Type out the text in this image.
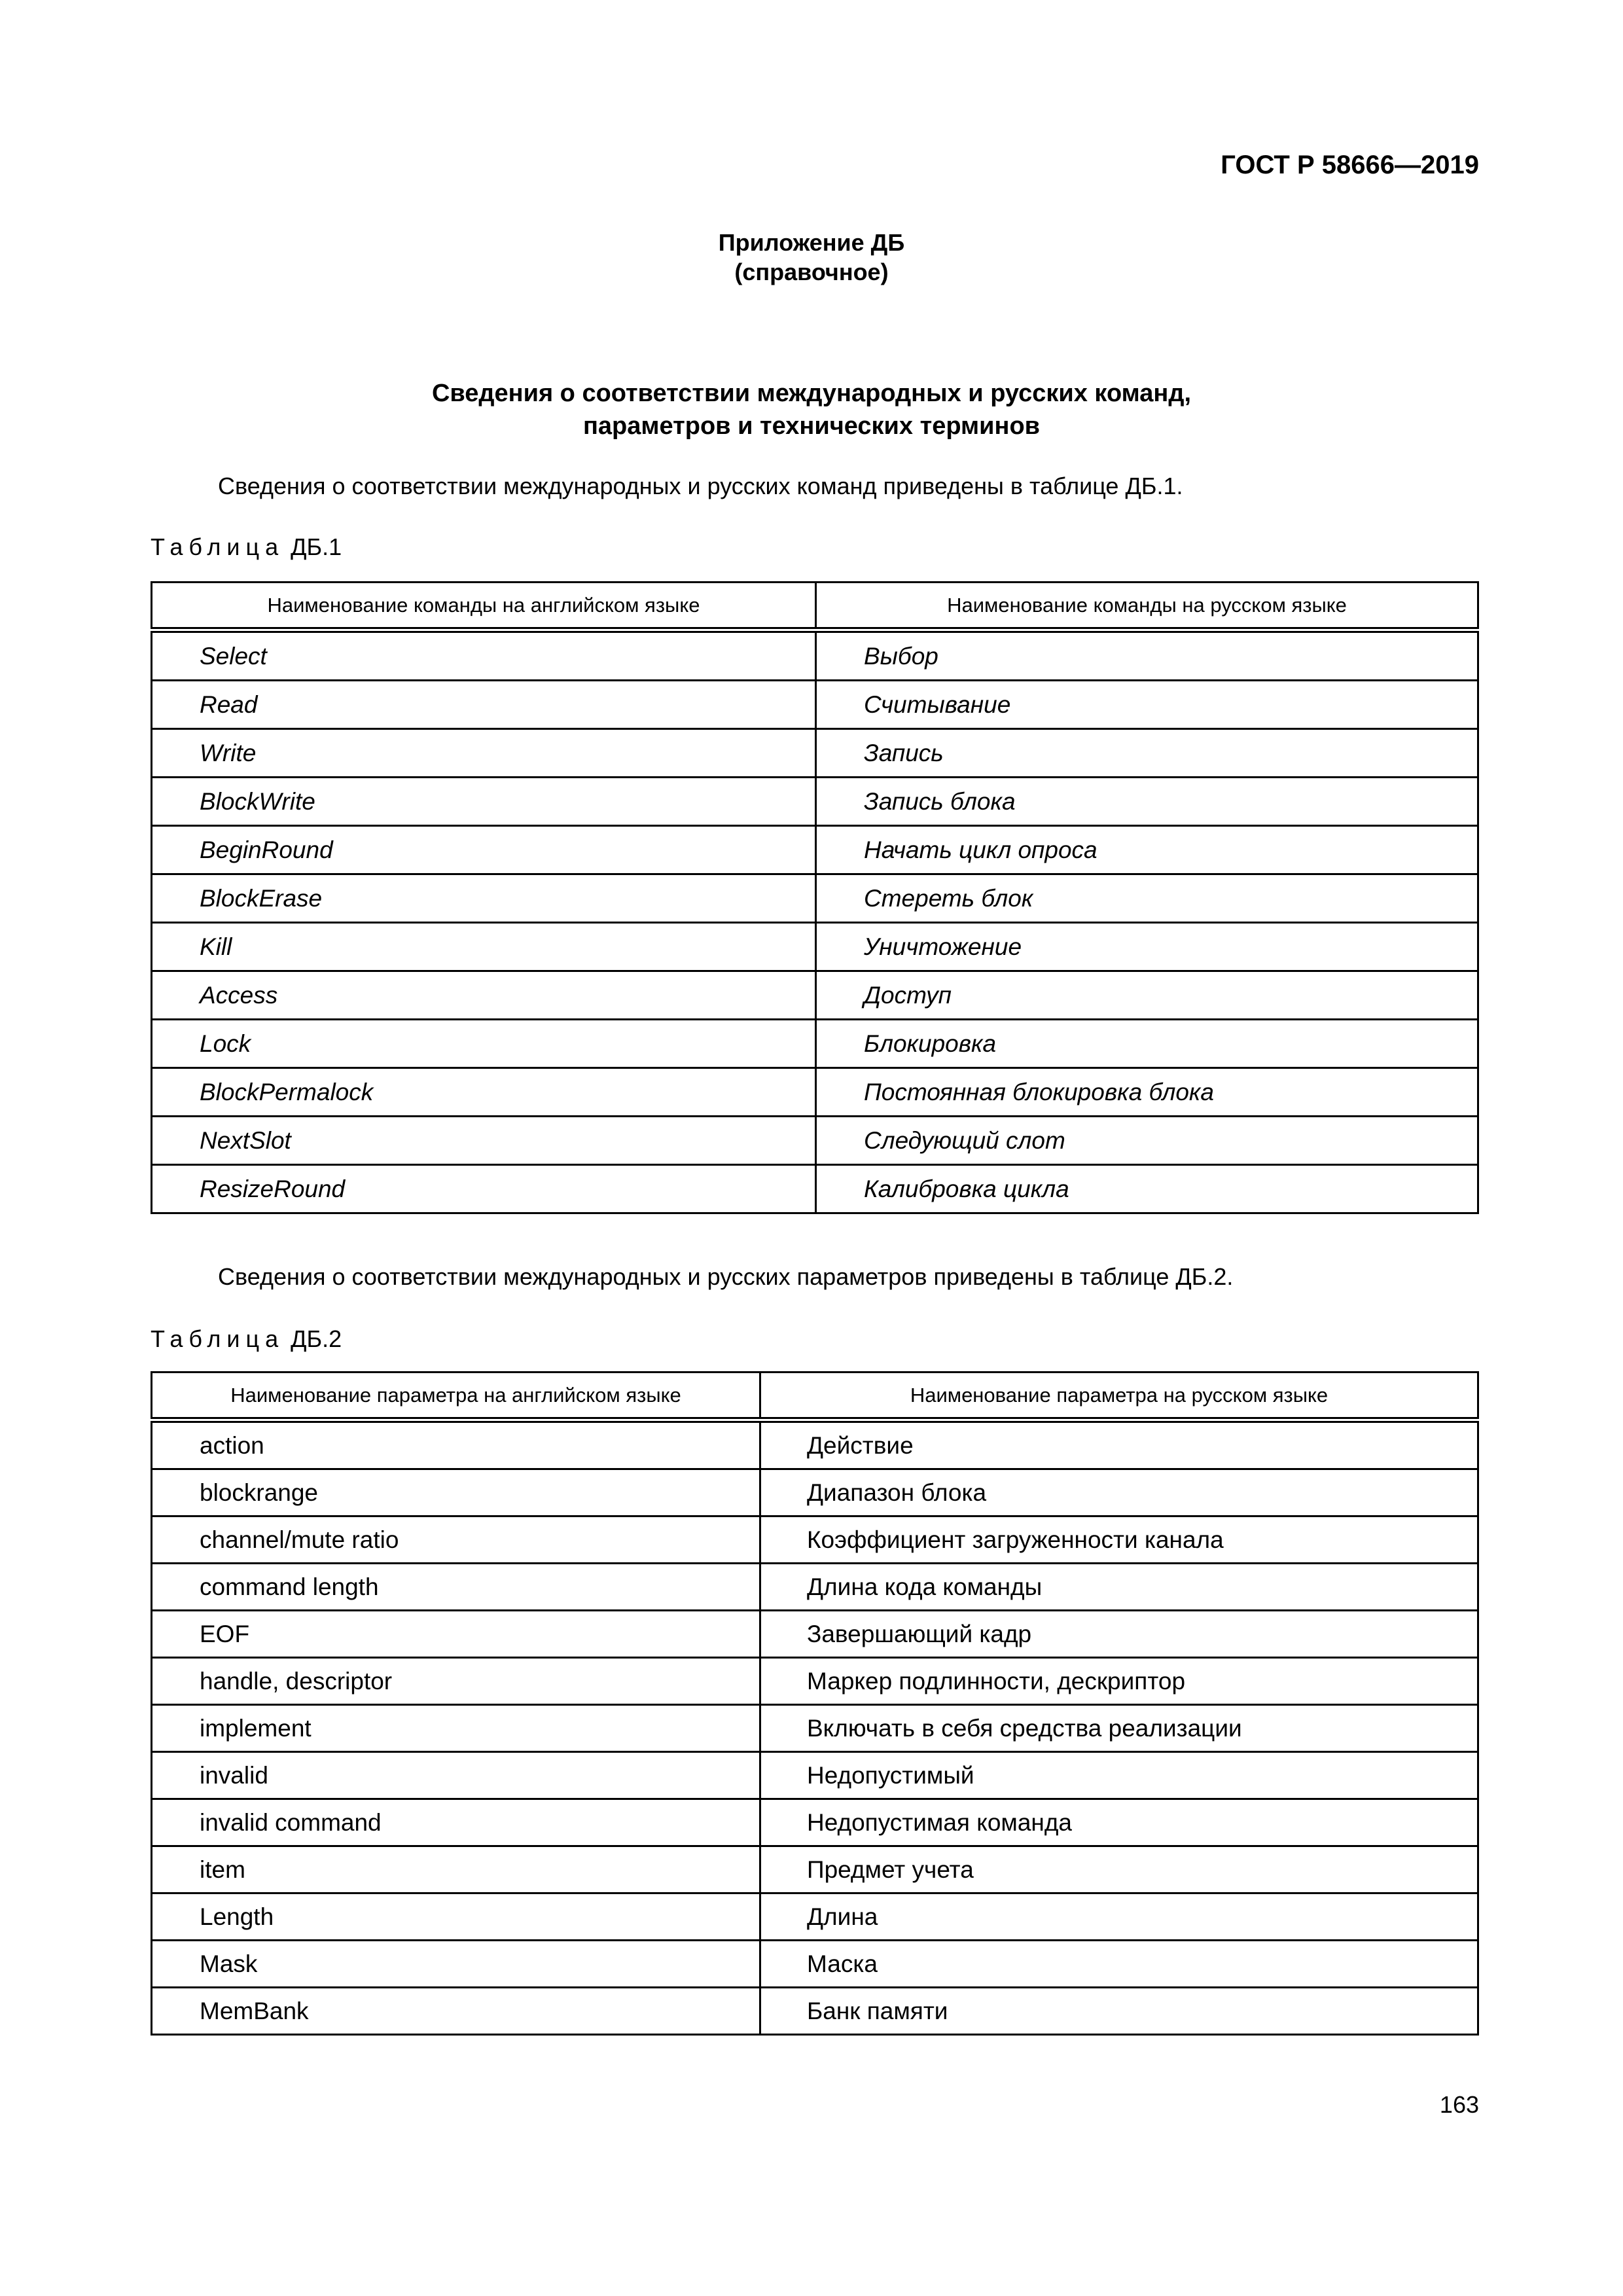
ГОСТ Р 58666—2019
Приложение ДБ
(справочное)
Сведения о соответствии международных и русских команд,
параметров и технических терминов
Сведения о соответствии международных и русских команд приведены в таблице ДБ.1.
Таблица ДБ.1
Наименование команды на английском языке	Наименование команды на русском языке
Select	Выбор
Read	Считывание
Write	Запись
BlockWrite	Запись блока
BeginRound	Начать цикл опроса
BlockErase	Стереть блок
Kill	Уничтожение
Access	Доступ
Lock	Блокировка
BlockPermalock	Постоянная блокировка блока
NextSlot	Следующий слот
ResizeRound	Калибровка цикла
Сведения о соответствии международных и русских параметров приведены в таблице ДБ.2.
Таблица ДБ.2
Наименование параметра на английском языке	Наименование параметра на русском языке
action	Действие
blockrange	Диапазон блока
channel/mute ratio	Коэффициент загруженности канала
command length	Длина кода команды
EOF	Завершающий кадр
handle, descriptor	Маркер подлинности, дескриптор
implement	Включать в себя средства реализации
invalid	Недопустимый
invalid command	Недопустимая команда
item	Предмет учета
Length	Длина
Mask	Маска
MemBank	Банк памяти
163
